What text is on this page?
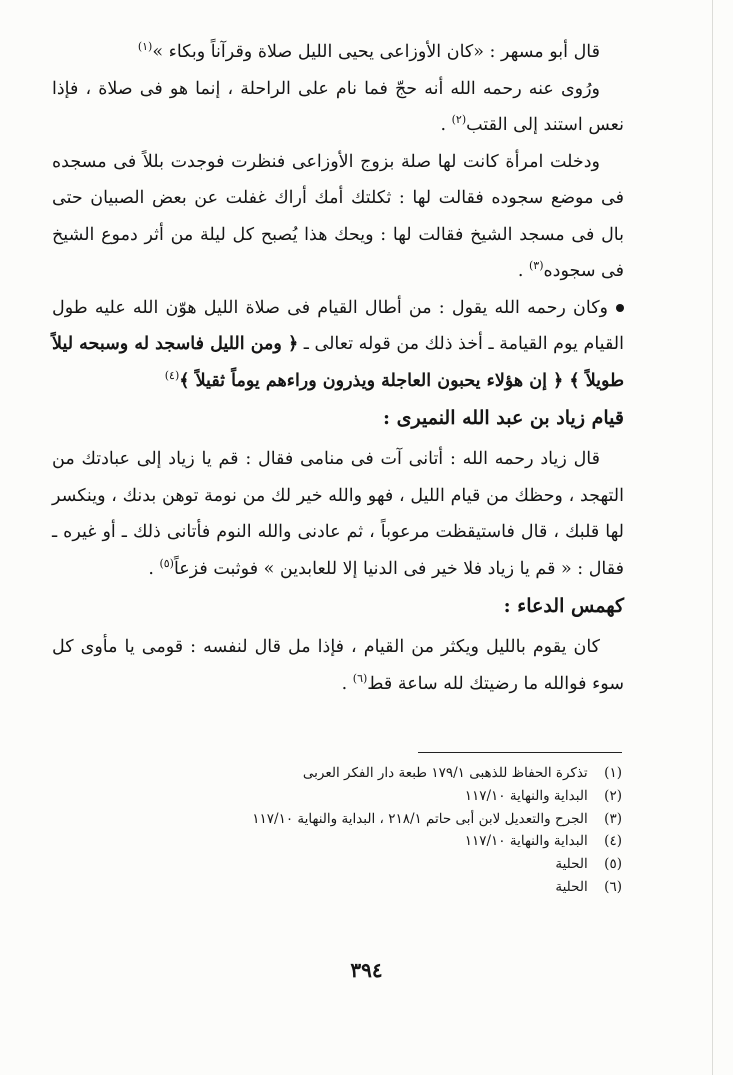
قال أبو مسهر : «كان الأوزاعى يحيى الليل صلاة وقرآناً وبكاء »$^{(١)}$

ورُوى عنه رحمه الله أنه حجّ فما نام على الراحلة ، إنما هو فى صلاة ، فإذا نعس استند إلى القتب$^{(٢)}$ .

ودخلت امرأة كانت لها صلة بزوج الأوزاعى فنظرت فوجدت بللاً فى مسجده فى موضع سجوده فقالت لها : ثكلتك أمك أراك غفلت عن بعض الصبيان حتى بال فى مسجد الشيخ فقالت لها : ويحك هذا يُصبح كل ليلة من أثر دموع الشيخ فى سجوده$^{(٣)}$ .

وكان رحمه الله يقول : من أطال القيام فى صلاة الليل هوّن الله عليه طول القيام يوم القيامة ـ أخذ ذلك من قوله تعالى ـ ﴿ ومن الليل فاسجد له وسبحه ليلاً طويلاً ﴾ ﴿ إن هؤلاء يحبون العاجلة ويذرون وراءهم يوماً ثقيلاً ﴾$^{(٤)}$

قيام زياد بن عبد الله النميرى :

قال زياد رحمه الله : أتانى آت فى منامى فقال : قم يا زياد إلى عبادتك من التهجد ، وحظك من قيام الليل ، فهو والله خير لك من نومة توهن بدنك ، وينكسر لها قلبك ، قال فاستيقظت مرعوباً ، ثم عادنى والله النوم فأتانى ذلك ـ أو غيره ـ فقال : « قم يا زياد فلا خير فى الدنيا إلا للعابدين » فوثبت فزعاً$^{(٥)}$ .

كهمس الدعاء :

كان يقوم بالليل ويكثر من القيام ، فإذا مل قال لنفسه : قومى يا مأوى كل سوء فوالله ما رضيتك لله ساعة قط$^{(٦)}$ .

(١) تذكرة الحفاظ للذهبى ١٧٩/١ طبعة دار الفكر العربى
(٢) البداية والنهاية ١١٧/١٠
(٣) الجرح والتعديل لابن أبى حاتم ٢١٨/١ ، البداية والنهاية ١١٧/١٠
(٤) البداية والنهاية ١١٧/١٠
(٥) الحلية
(٦) الحلية
٣٩٤
